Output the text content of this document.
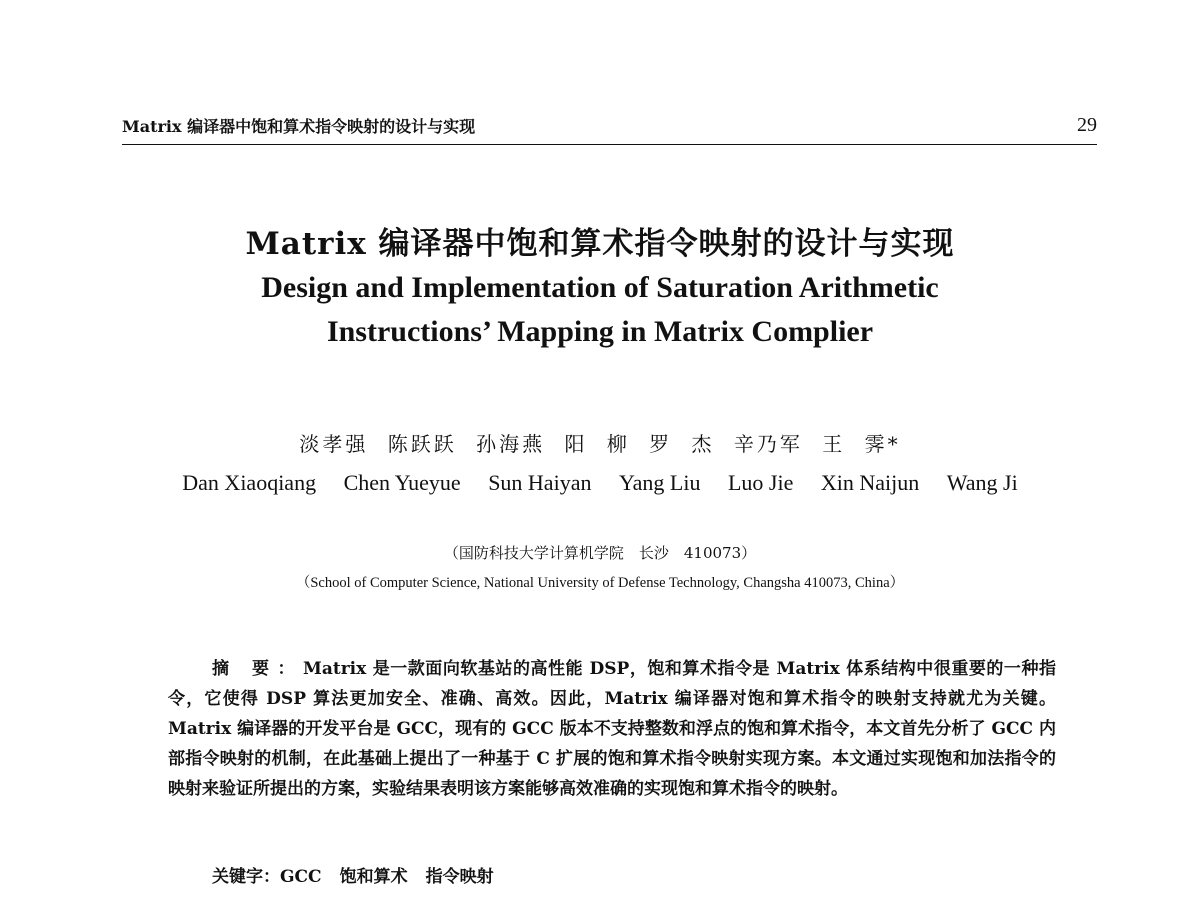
Matrix 编译器中饱和算术指令映射的设计与实现	29
Matrix 编译器中饱和算术指令映射的设计与实现
Design and Implementation of Saturation Arithmetic
Instructions’ Mapping in Matrix Complier
淡孝强 陈跃跃 孙海燕 阳 柳 罗 杰 辛乃军 王 霁*
Dan Xiaoqiang Chen Yueyue Sun Haiyan Yang Liu Luo Jie Xin Naijun Wang Ji
（国防科技大学计算机学院　长沙　410073）
（School of Computer Science, National University of Defense Technology, Changsha 410073, China）

摘 要：Matrix 是一款面向软基站的高性能 DSP，饱和算术指令是 Matrix 体系结构中很重要的一种指令，它使得 DSP 算法更加安全、准确、高效。因此，Matrix 编译器对饱和算术指令的映射支持就尤为关键。Matrix 编译器的开发平台是 GCC，现有的 GCC 版本不支持整数和浮点的饱和算术指令，本文首先分析了 GCC 内部指令映射的机制，在此基础上提出了一种基于 C 扩展的饱和算术指令映射实现方案。本文通过实现饱和加法指令的映射来验证所提出的方案，实验结果表明该方案能够高效准确的实现饱和算术指令的映射。

关键字：GCC 饱和算术 指令映射
